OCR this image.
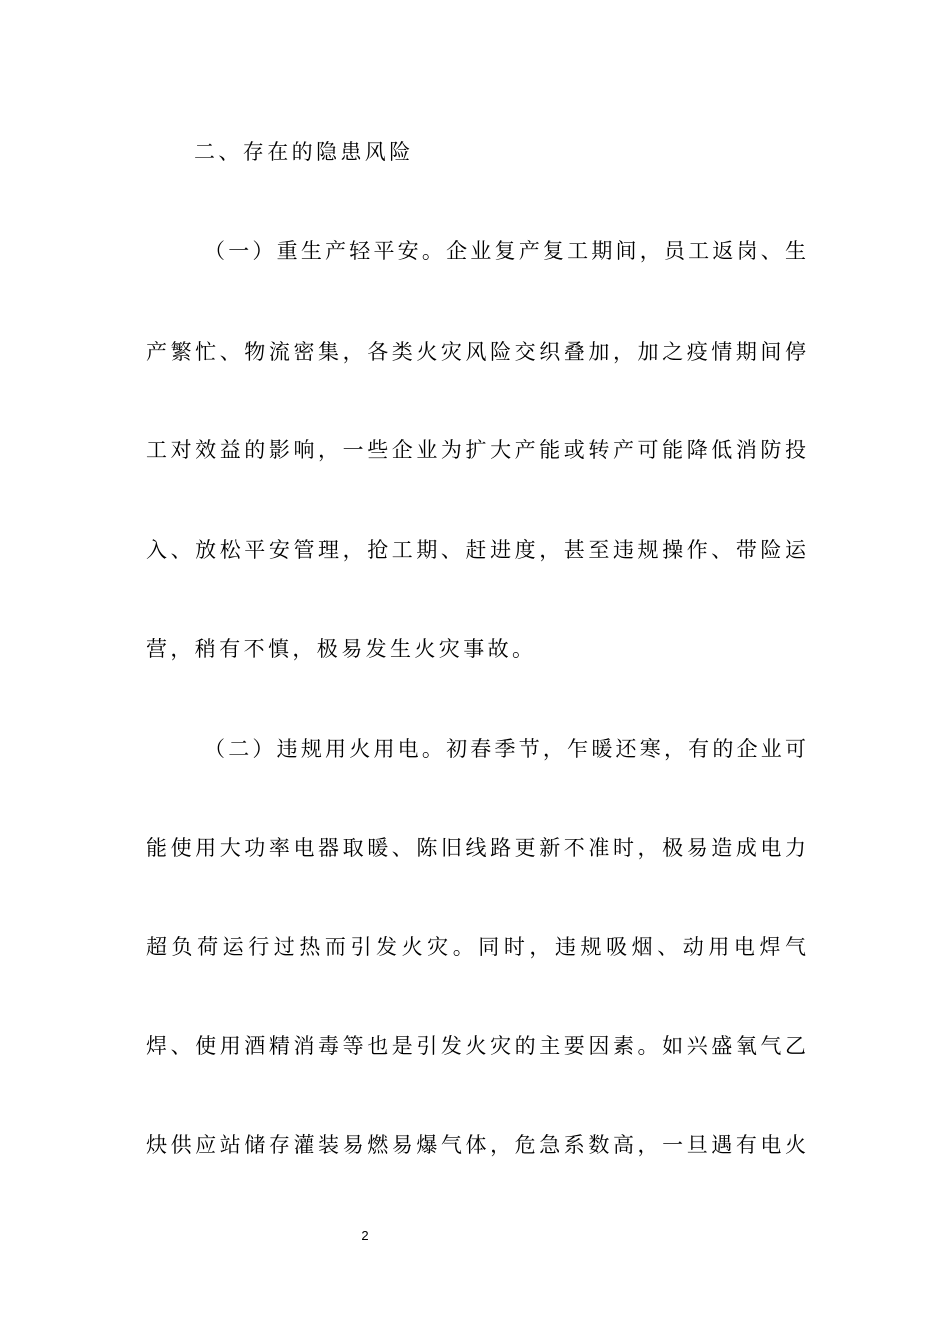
二、存在的隐患风险
（一）重生产轻平安。企业复产复工期间，员工返岗、生
产繁忙、物流密集，各类火灾风险交织叠加，加之疫情期间停
工对效益的影响，一些企业为扩大产能或转产可能降低消防投
入、放松平安管理，抢工期、赶进度，甚至违规操作、带险运
营，稍有不慎，极易发生火灾事故。
（二）违规用火用电。初春季节，乍暖还寒，有的企业可
能使用大功率电器取暖、陈旧线路更新不准时，极易造成电力
超负荷运行过热而引发火灾。同时，违规吸烟、动用电焊气
焊、使用酒精消毒等也是引发火灾的主要因素。如兴盛氧气乙
炔供应站储存灌装易燃易爆气体，危急系数高，一旦遇有电火
2
